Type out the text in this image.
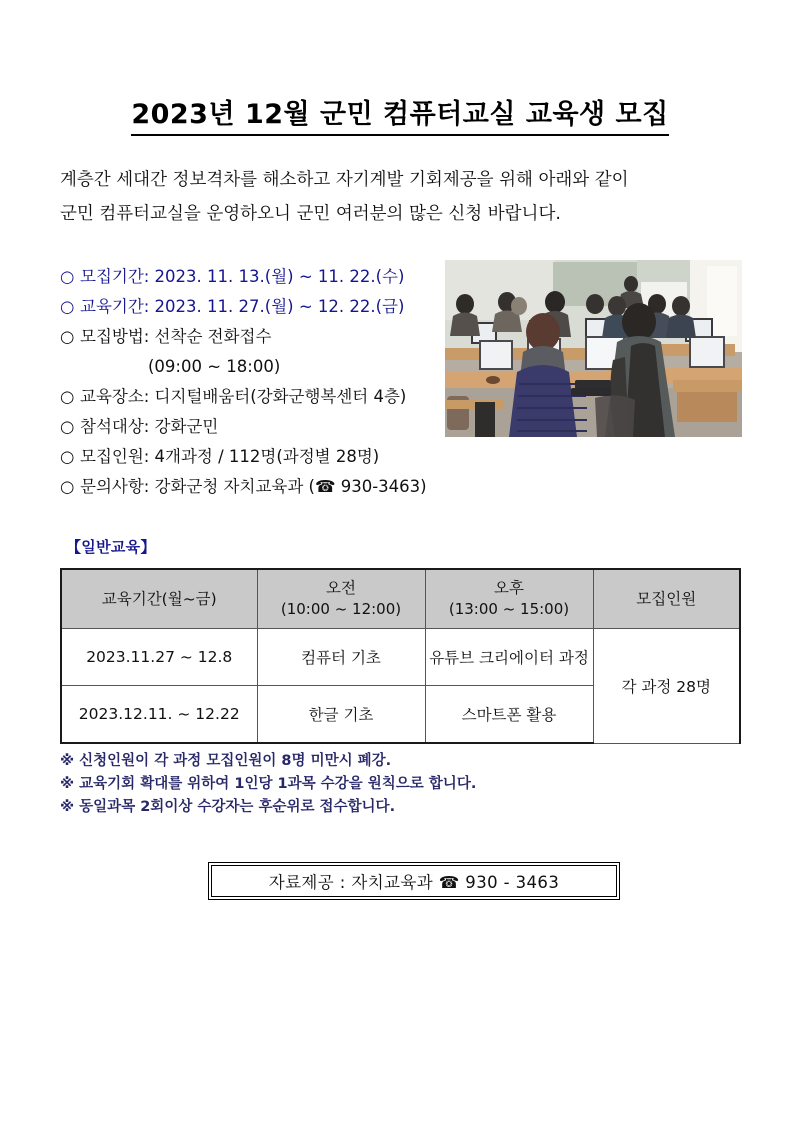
2023년 12월 군민 컴퓨터교실 교육생 모집
계층간 세대간 정보격차를 해소하고 자기계발 기회제공을 위해 아래와 같이
군민 컴퓨터교실을 운영하오니 군민 여러분의 많은 신청 바랍니다.
○ 모집기간: 2023. 11. 13.(월) ~ 11. 22.(수)
○ 교육기간: 2023. 11. 27.(월) ~ 12. 22.(금)
○ 모집방법: 선착순 전화접수
(09:00 ~ 18:00)
○ 교육장소: 디지털배움터(강화군행복센터 4층)
○ 참석대상: 강화군민
○ 모집인원: 4개과정 / 112명(과정별 28명)
○ 문의사항: 강화군청 자치교육과 (☎ 930-3463)
【일반교육】
교육기간(월~금)

오전
(10:00 ~ 12:00)

오후
(13:00 ~ 15:00)

모집인원

2023.11.27 ~ 12.8	컴퓨터 기초	유튜브 크리에이터 과정	각 과정 28명
2023.12.11. ~ 12.22	한글 기초	스마트폰 활용	
※ 신청인원이 각 과정 모집인원이 8명 미만시 폐강.
※ 교육기회 확대를 위하여 1인당 1과목 수강을 원칙으로 합니다.
※ 동일과목 2회이상 수강자는 후순위로 접수합니다.
자료제공 : 자치교육과 ☎ 930 - 3463
